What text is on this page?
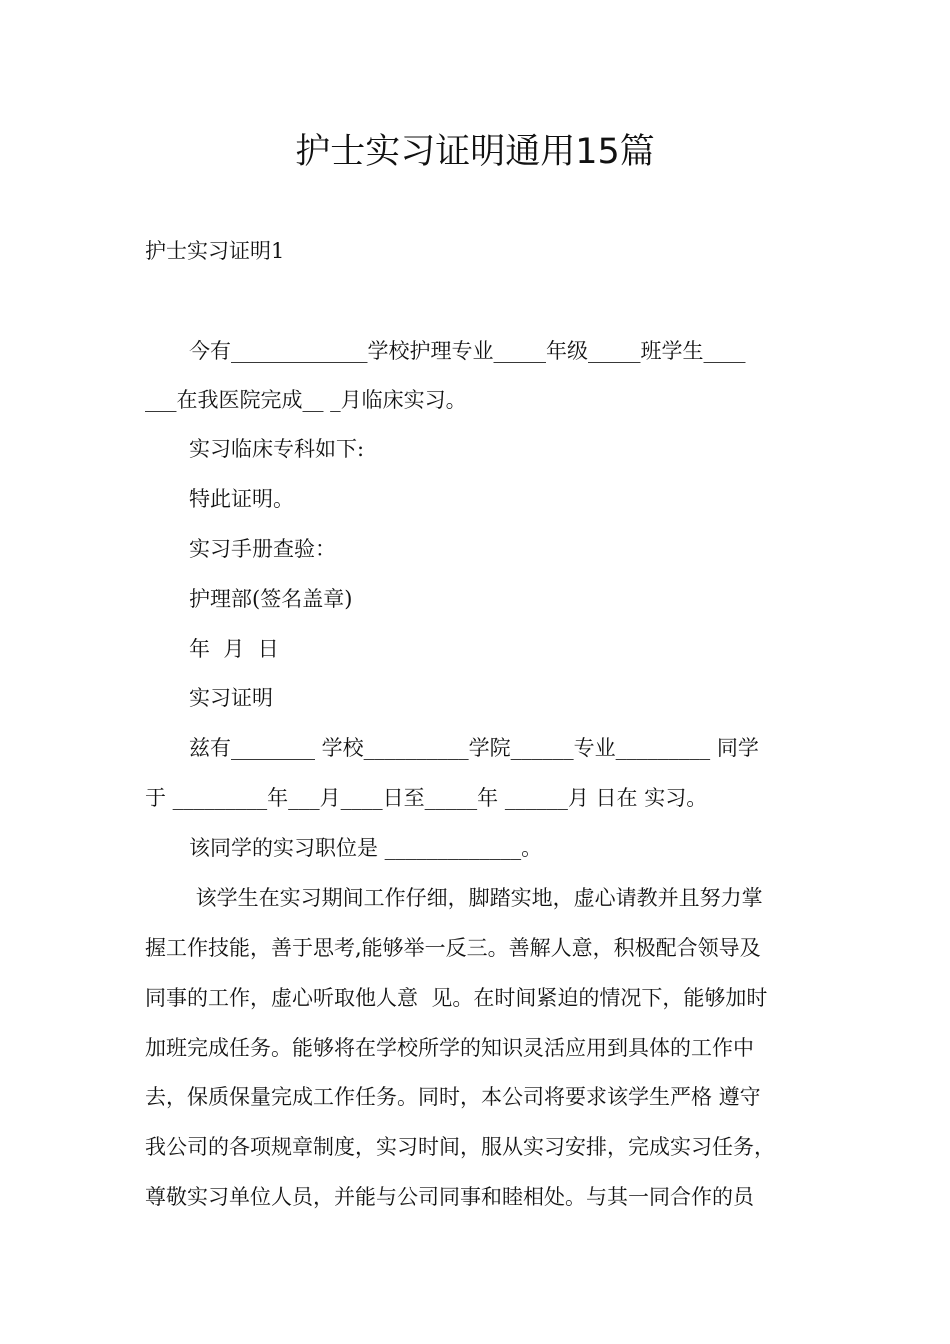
护士实习证明通用15篇
护士实习证明1
今有_____________学校护理专业_____年级_____班学生____
___在我医院完成__ _月临床实习。
实习临床专科如下:
特此证明。
实习手册查验：
护理部(签名盖章)
年  月  日
实习证明
兹有________ 学校__________学院______专业_________ 同学
于 _________年___月____日至_____年 ______月 日在 实习。
该同学的实习职位是 _____________。
该学生在实习期间工作仔细，脚踏实地，虚心请教并且努力掌
握工作技能，善于思考,能够举一反三。善解人意，积极配合领导及
同事的工作，虚心听取他人意  见。在时间紧迫的情况下，能够加时
加班完成任务。能够将在学校所学的知识灵活应用到具体的工作中
去，保质保量完成工作任务。同时，本公司将要求该学生严格 遵守
我公司的各项规章制度，实习时间，服从实习安排，完成实习任务，
尊敬实习单位人员，并能与公司同事和睦相处。与其一同合作的员
